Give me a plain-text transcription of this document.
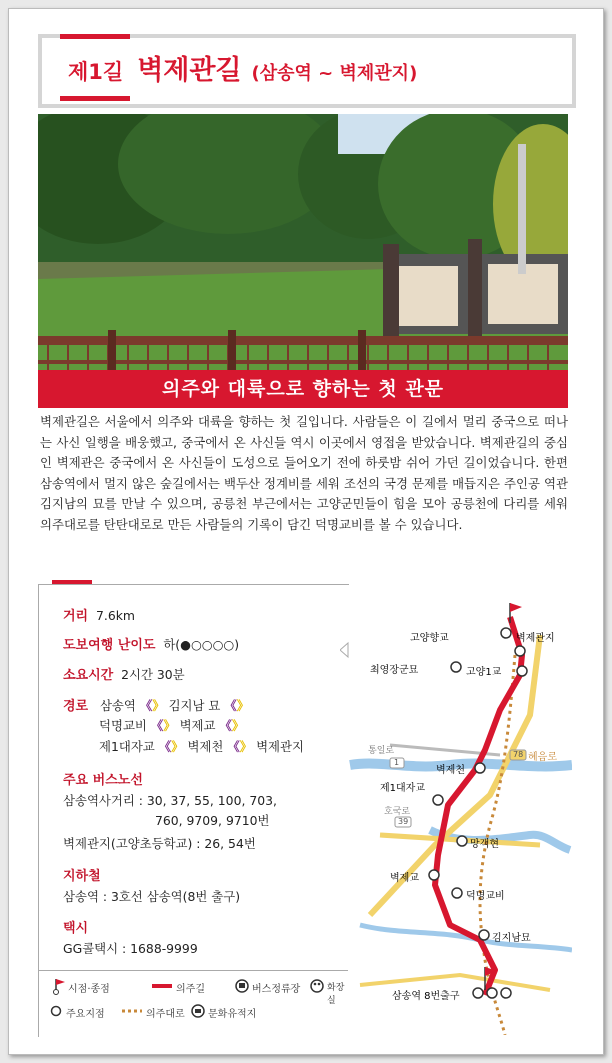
제1길 벽제관길 (삼송역 ~ 벽제관지)
의주와 대륙으로 향하는 첫 관문
벽제관길은 서울에서 의주와 대륙을 향하는 첫 길입니다. 사람들은 이 길에서 멀리 중국으로 떠나는 사신 일행을 배웅했고, 중국에서 온 사신들 역시 이곳에서 영접을 받았습니다. 벽제관길의 중심인 벽제관은 중국에서 온 사신들이 도성으로 들어오기 전에 하룻밤 쉬어 가던 길이었습니다. 한편 삼송역에서 멀지 않은 숲길에서는 백두산 정계비를 세워 조선의 국경 문제를 매듭지은 주인공 역관 김지남의 묘를 만날 수 있으며, 공릉천 부근에서는 고양군민들이 힘을 모아 공릉천에 다리를 세워 의주대로를 탄탄대로로 만든 사람들의 기록이 담긴 덕명교비를 볼 수 있습니다.
거리 7.6km
도보여행 난이도 하(●○○○○)
소요시간 2시간 30분
경로 삼송역 《》 김지남 묘 《》
덕명교비 《》 벽제교 《》
제1대자교 《》 벽제천 《》 벽제관지
주요 버스노선
삼송역사거리 : 30, 37, 55, 100, 703,
760, 9709, 9710번
벽제관지(고양초등학교) : 26, 54번
지하철
삼송역 : 3호선 삼송역(8번 출구)
택시
GG콜택시 : 1688-9999
시점·종점	의주길	버스정류장	화장실
주요지점	의주대로 문화유적지
고양향교	벽제관지
고양1교
최영장군묘
통일로
1
78 혜음로
벽제천
제1대자교
호국로
39
망객현
벽제교
덕명교비
김지남묘
삼송역 8번출구
